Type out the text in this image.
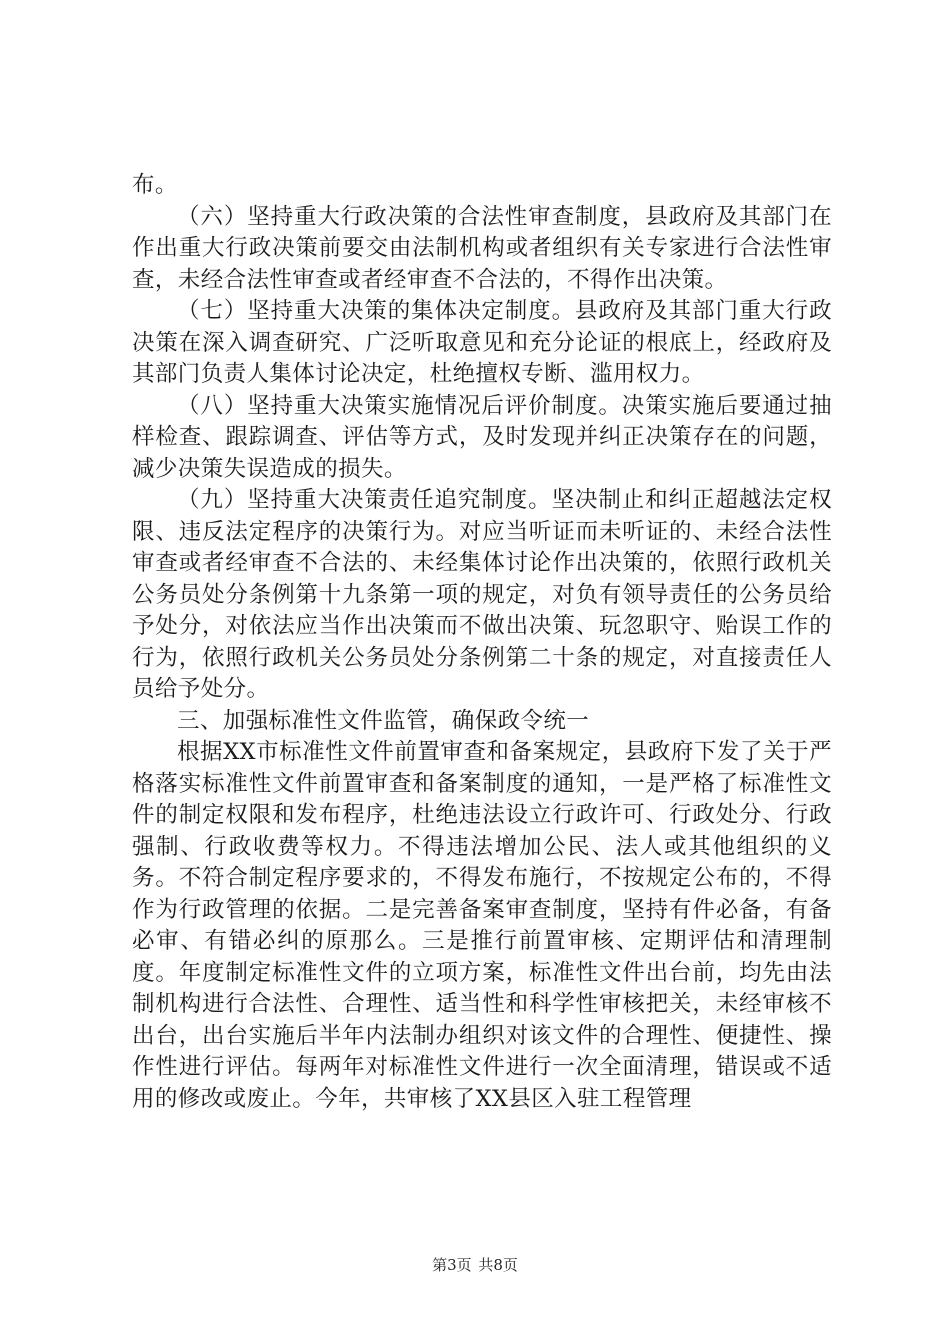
布。

（六）坚持重大行政决策的合法性审查制度，县政府及其部门在作出重大行政决策前要交由法制机构或者组织有关专家进行合法性审查，未经合法性审查或者经审查不合法的，不得作出决策。

（七）坚持重大决策的集体决定制度。县政府及其部门重大行政决策在深入调查研究、广泛听取意见和充分论证的根底上，经政府及其部门负责人集体讨论决定，杜绝擅权专断、滥用权力。

（八）坚持重大决策实施情况后评价制度。决策实施后要通过抽样检查、跟踪调查、评估等方式，及时发现并纠正决策存在的问题，减少决策失误造成的损失。

（九）坚持重大决策责任追究制度。坚决制止和纠正超越法定权限、违反法定程序的决策行为。对应当听证而未听证的、未经合法性审查或者经审查不合法的、未经集体讨论作出决策的，依照行政机关公务员处分条例第十九条第一项的规定，对负有领导责任的公务员给予处分，对依法应当作出决策而不做出决策、玩忽职守、贻误工作的行为，依照行政机关公务员处分条例第二十条的规定，对直接责任人员给予处分。

三、加强标准性文件监管，确保政令统一

根据XX市标准性文件前置审查和备案规定，县政府下发了关于严格落实标准性文件前置审查和备案制度的通知，一是严格了标准性文件的制定权限和发布程序，杜绝违法设立行政许可、行政处分、行政强制、行政收费等权力。不得违法增加公民、法人或其他组织的义务。不符合制定程序要求的，不得发布施行，不按规定公布的，不得作为行政管理的依据。二是完善备案审查制度，坚持有件必备，有备必审、有错必纠的原那么。三是推行前置审核、定期评估和清理制度。年度制定标准性文件的立项方案，标准性文件出台前，均先由法制机构进行合法性、合理性、适当性和科学性审核把关，未经审核不出台，出台实施后半年内法制办组织对该文件的合理性、便捷性、操作性进行评估。每两年对标准性文件进行一次全面清理，错误或不适用的修改或废止。今年，共审核了XX县区入驻工程管理

第3页 共8页
